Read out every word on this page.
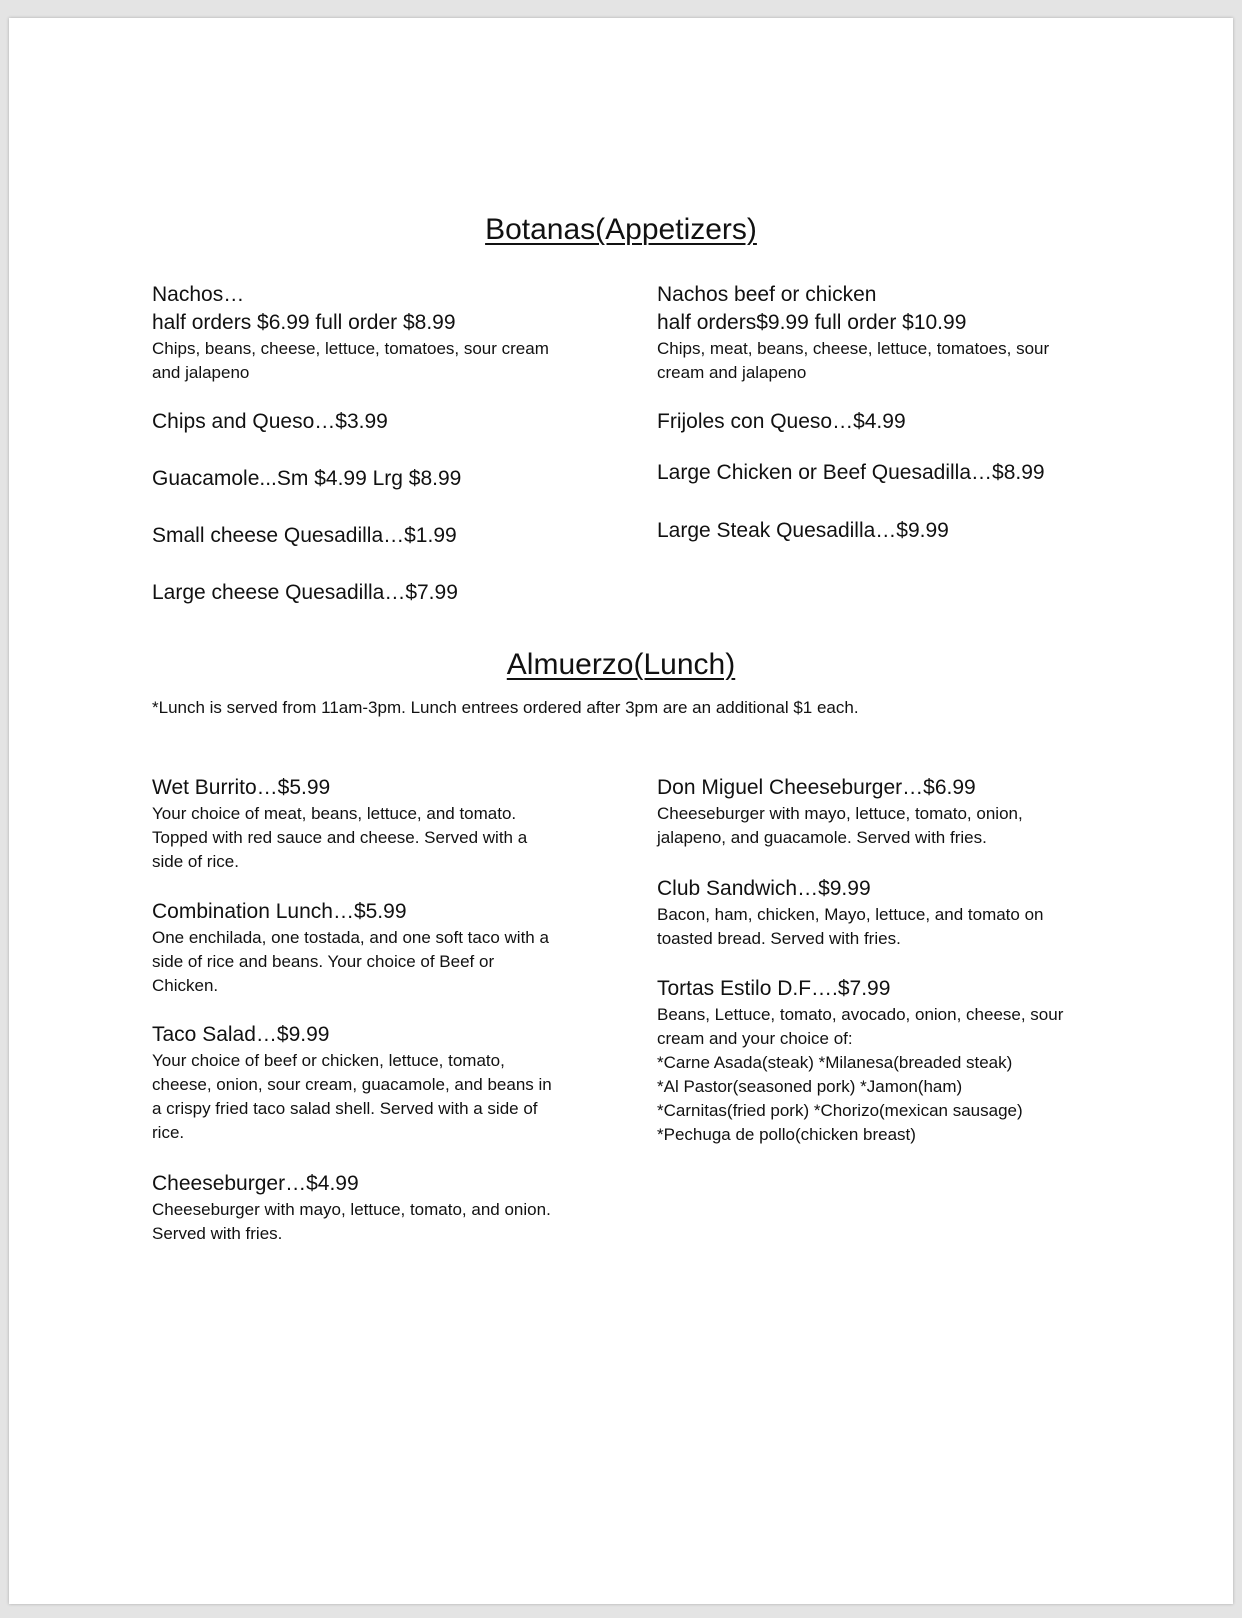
Botanas(Appetizers)
Nachos…
half orders $6.99 full order $8.99
Chips, beans, cheese, lettuce, tomatoes, sour cream
and jalapeno
Chips and Queso…$3.99
Guacamole...Sm $4.99 Lrg $8.99
Small cheese Quesadilla…$1.99
Large cheese Quesadilla…$7.99
Nachos beef or chicken
half orders$9.99 full order $10.99
Chips, meat, beans, cheese, lettuce, tomatoes, sour
cream and jalapeno
Frijoles con Queso…$4.99
Large Chicken or Beef Quesadilla…$8.99
Large Steak Quesadilla…$9.99
Almuerzo(Lunch)
*Lunch is served from 11am-3pm. Lunch entrees ordered after 3pm are an additional $1 each.
Wet Burrito…$5.99
Your choice of meat, beans, lettuce, and tomato.
Topped with red sauce and cheese. Served with a
side of rice.
Combination Lunch…$5.99
One enchilada, one tostada, and one soft taco with a
side of rice and beans. Your choice of Beef or
Chicken.
Taco Salad…$9.99
Your choice of beef or chicken, lettuce, tomato,
cheese, onion, sour cream, guacamole, and beans in
a crispy fried taco salad shell. Served with a side of
rice.
Cheeseburger…$4.99
Cheeseburger with mayo, lettuce, tomato, and onion.
Served with fries.
Don Miguel Cheeseburger…$6.99
Cheeseburger with mayo, lettuce, tomato, onion,
jalapeno, and guacamole. Served with fries.
Club Sandwich…$9.99
Bacon, ham, chicken, Mayo, lettuce, and tomato on
toasted bread. Served with fries.
Tortas Estilo D.F….$7.99
Beans, Lettuce, tomato, avocado, onion, cheese, sour
cream and your choice of:
*Carne Asada(steak) *Milanesa(breaded steak)
*Al Pastor(seasoned pork) *Jamon(ham)
*Carnitas(fried pork) *Chorizo(mexican sausage)
*Pechuga de pollo(chicken breast)
